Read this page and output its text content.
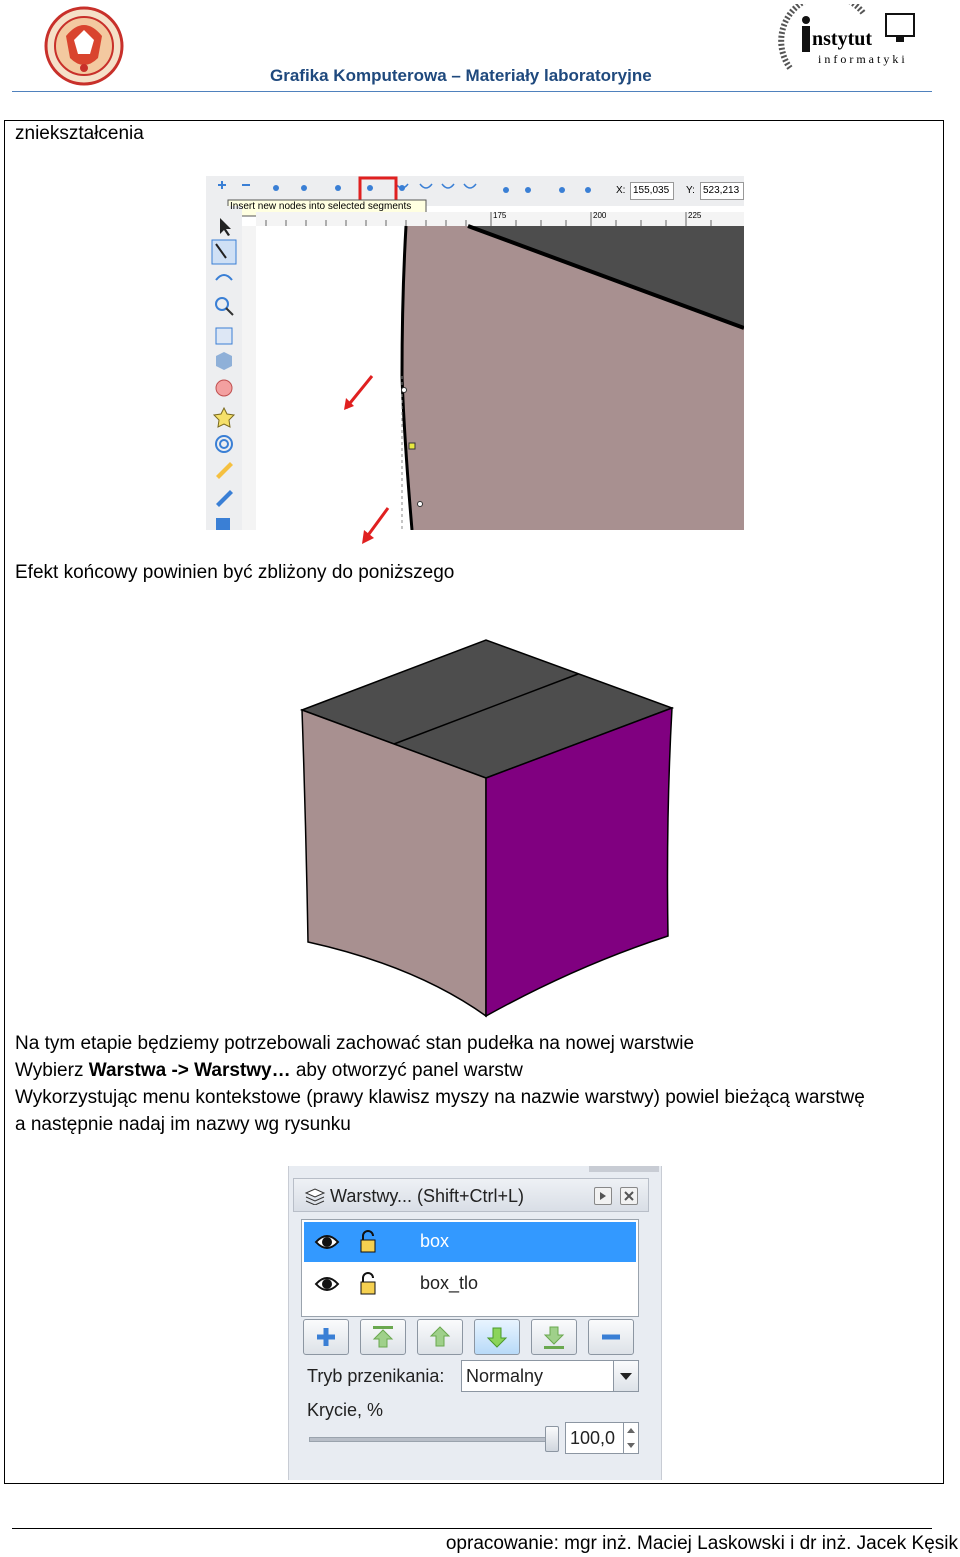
Grafika Komputerowa – Materiały laboratoryjne
nstytut
informatyki
zniekształcenia
Insert new nodes into selected segments
X: 155,035	Y: 523,213
175	200	225
Efekt końcowy powinien być zbliżony do poniższego
Na tym etapie będziemy potrzebowali zachować stan pudełka na nowej warstwie
Wybierz Warstwa -> Warstwy… aby otworzyć panel warstw
Wykorzystując menu kontekstowe (prawy klawisz myszy na nazwie warstwy) powiel bieżącą warstwę
a następnie nadaj im nazwy wg rysunku
Warstwy... (Shift+Ctrl+L)
box
box_tlo
Tryb przenikania: Normalny
Krycie, %
100,0
opracowanie: mgr inż. Maciej Laskowski i dr inż. Jacek Kęsik
